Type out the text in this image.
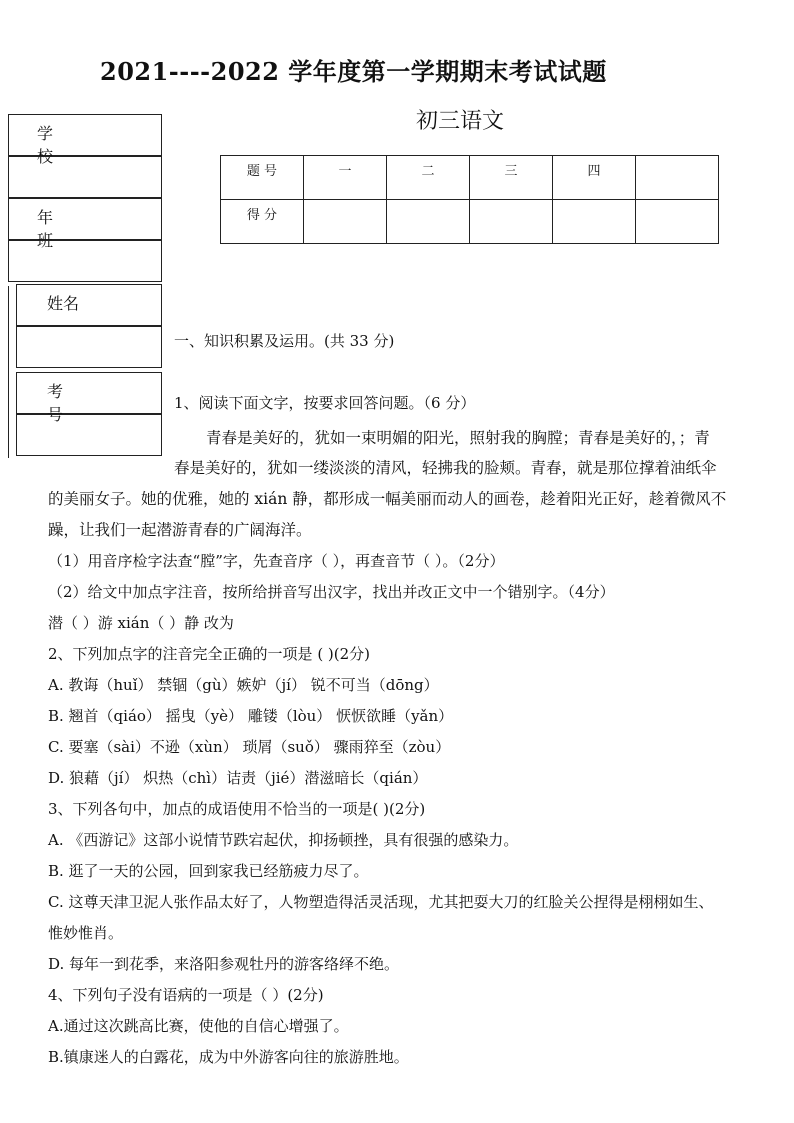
2021----2022 学年度第一学期期末考试试题
初三语文
学 校
年 班
姓名
考 号
题 号	一	二	三	四	
得 分					
一、知识积累及运用。(共 33 分)
1、阅读下面文字，按要求回答问题。（6 分）
青春是美好的，犹如一束明媚的阳光，照射我的胸膛；青春是美好的，；青
春是美好的，犹如一缕淡淡的清风，轻拂我的脸颊。青春，就是那位撑着油纸伞
的美丽女子。她的优雅，她的 xián 静，都形成一幅美丽而动人的画卷，趁着阳光正好，趁着微风不
躁，让我们一起潜游青春的广阔海洋。
（1）用音序检字法查“膛”字，先查音序（ ），再查音节（ ）。（2分）
（2）给文中加点字注音，按所给拼音写出汉字，找出并改正文中一个错别字。（4分）
潜（ ）游 xián（ ）静 改为
2、下列加点字的注音完全正确的一项是 ( )(2分)
A. 教诲（huǐ） 禁锢（gù）嫉妒（jí） 锐不可当（dōng）
B. 翘首（qiáo） 摇曳（yè） 雕镂（lòu） 恹恹欲睡（yǎn）
C. 要塞（sài）不逊（xùn） 琐屑（suǒ） 骤雨猝至（zòu）
D. 狼藉（jí） 炽热（chì）诘责（jié）潜滋暗长（qián）
3、下列各句中，加点的成语使用不恰当的一项是( )(2分)
A. 《西游记》这部小说情节跌宕起伏，抑扬顿挫，具有很强的感染力。
B. 逛了一天的公园，回到家我已经筋疲力尽了。
C. 这尊天津卫泥人张作品太好了，人物塑造得活灵活现，尤其把耍大刀的红脸关公捏得是栩栩如生、
惟妙惟肖。
D. 每年一到花季，来洛阳参观牡丹的游客络绎不绝。
4、下列句子没有语病的一项是（ ）(2分)
A.通过这次跳高比赛，使他的自信心增强了。
B.镇康迷人的白露花，成为中外游客向往的旅游胜地。
